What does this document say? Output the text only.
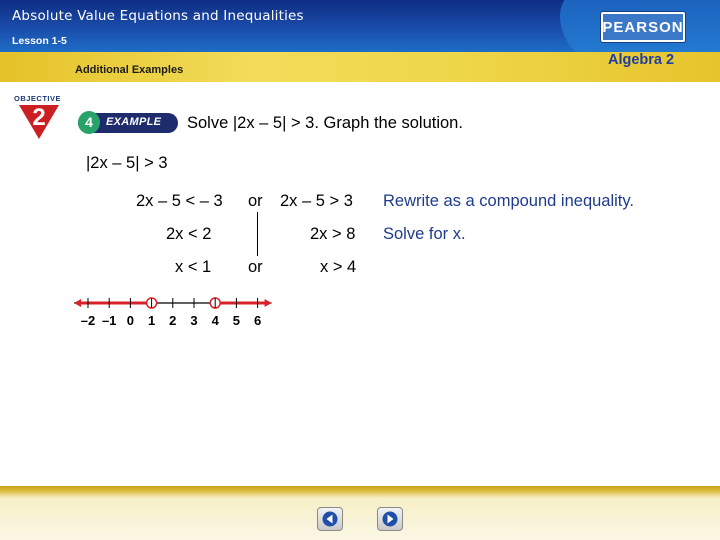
Absolute Value Equations and Inequalities
Lesson 1-5
Additional Examples
Algebra 2
PEARSON
OBJECTIVE
2	4	EXAMPLE Solve |2x – 5| > 3. Graph the solution.
|2x – 5| > 3
2x – 5 < – 3 or 2x – 5 > 3 Rewrite as a compound inequality.
2x < 2	2x > 8 Solve for x.
x < 1 or	x > 4
–2 –1 0 1 2 3 4 5 6
